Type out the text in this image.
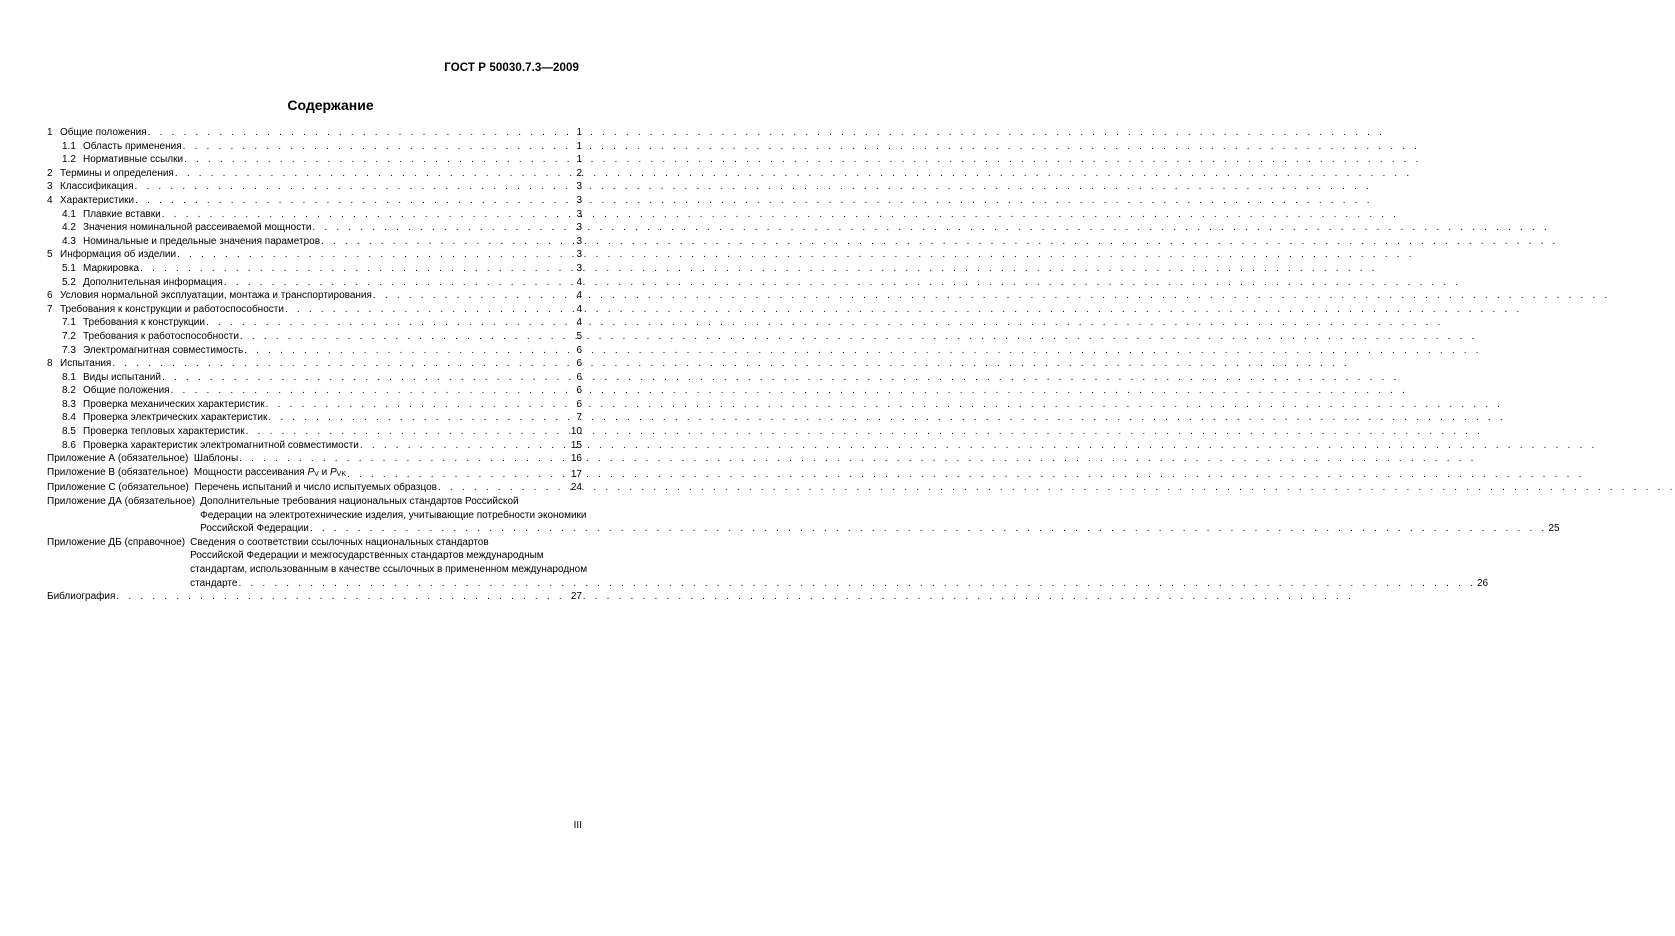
ГОСТ Р 50030.7.3—2009
Содержание
1 Общие положения . . .	1
1.1 Область применения . . .	1
1.2 Нормативные ссылки . . .	1
2 Термины и определения . . .	2
3 Классификация . . .	3
4 Характеристики . . .	3
4.1 Плавкие вставки . . .	3
4.2 Значения номинальной рассеиваемой мощности . . .	3
4.3 Номинальные и предельные значения параметров . . .	3
5 Информация об изделии . . .	3
5.1 Маркировка . . .	3
5.2 Дополнительная информация . . .	4
6 Условия нормальной эксплуатации, монтажа и транспортирования . . .	4
7 Требования к конструкции и работоспособности . . .	4
7.1 Требования к конструкции . . .	4
7.2 Требования к работоспособности . . .	5
7.3 Электромагнитная совместимость . . .	6
8 Испытания . . .	6
8.1 Виды испытаний . . .	6
8.2 Общие положения . . .	6
8.3 Проверка механических характеристик . . .	6
8.4 Проверка электрических характеристик . . .	7
8.5 Проверка тепловых характеристик . . .	10
8.6 Проверка характеристик электромагнитной совместимости . . .	15
Приложение А (обязательное) Шаблоны . . .	16
Приложение В (обязательное) Мощности рассеивания PV и PVK . . .	17
Приложение С (обязательное) Перечень испытаний и число испытуемых образцов . . .	24
Приложение ДА (обязательное) Дополнительные требования национальных стандартов Российской
Федерации на электротехнические изделия, учитывающие потребности экономики
Российской Федерации . . .	25
Приложение ДБ (справочное) Сведения о соответствии ссылочных национальных стандартов
Российской Федерации и межгосударственных стандартов международным
стандартам, использованным в качестве ссылочных в примененном международном
стандарте . . .	26
Библиография . . .	27
III
